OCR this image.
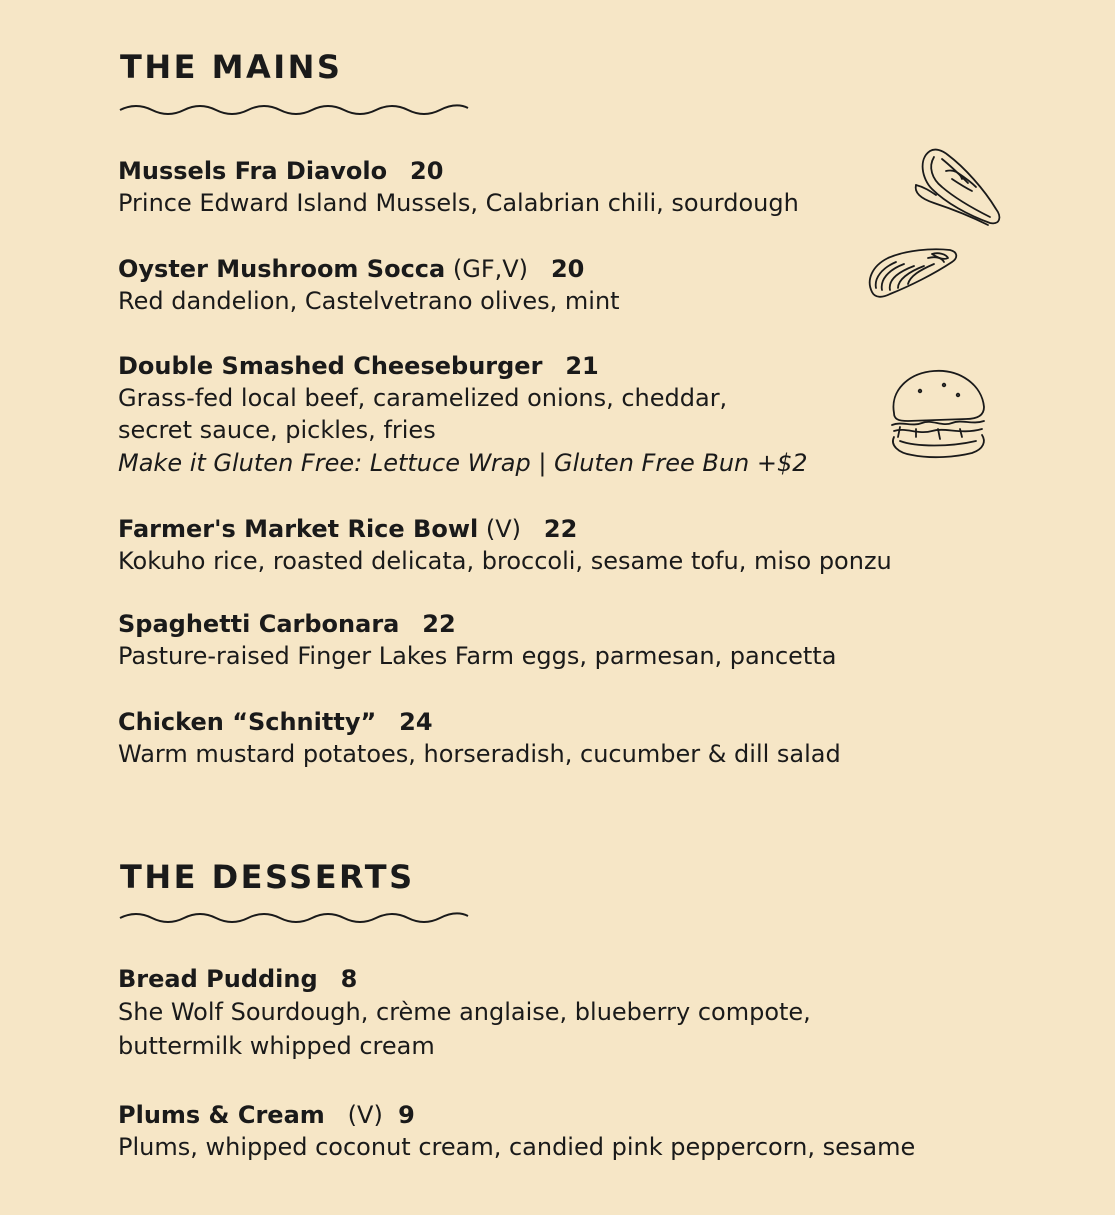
THE MAINS
Mussels Fra Diavolo 20
Prince Edward Island Mussels, Calabrian chili, sourdough
Oyster Mushroom Socca (GF,V) 20
Red dandelion, Castelvetrano olives, mint
Double Smashed Cheeseburger 21
Grass-fed local beef, caramelized onions, cheddar,
secret sauce, pickles, fries
Make it Gluten Free: Lettuce Wrap | Gluten Free Bun +$2
Farmer's Market Rice Bowl (V) 22
Kokuho rice, roasted delicata, broccoli, sesame tofu, miso ponzu
Spaghetti Carbonara 22
Pasture-raised Finger Lakes Farm eggs, parmesan, pancetta
Chicken “Schnitty” 24
Warm mustard potatoes, horseradish, cucumber & dill salad
THE DESSERTS
Bread Pudding 8
She Wolf Sourdough, crème anglaise, blueberry compote,
buttermilk whipped cream
Plums & Cream (V) 9
Plums, whipped coconut cream, candied pink peppercorn, sesame
